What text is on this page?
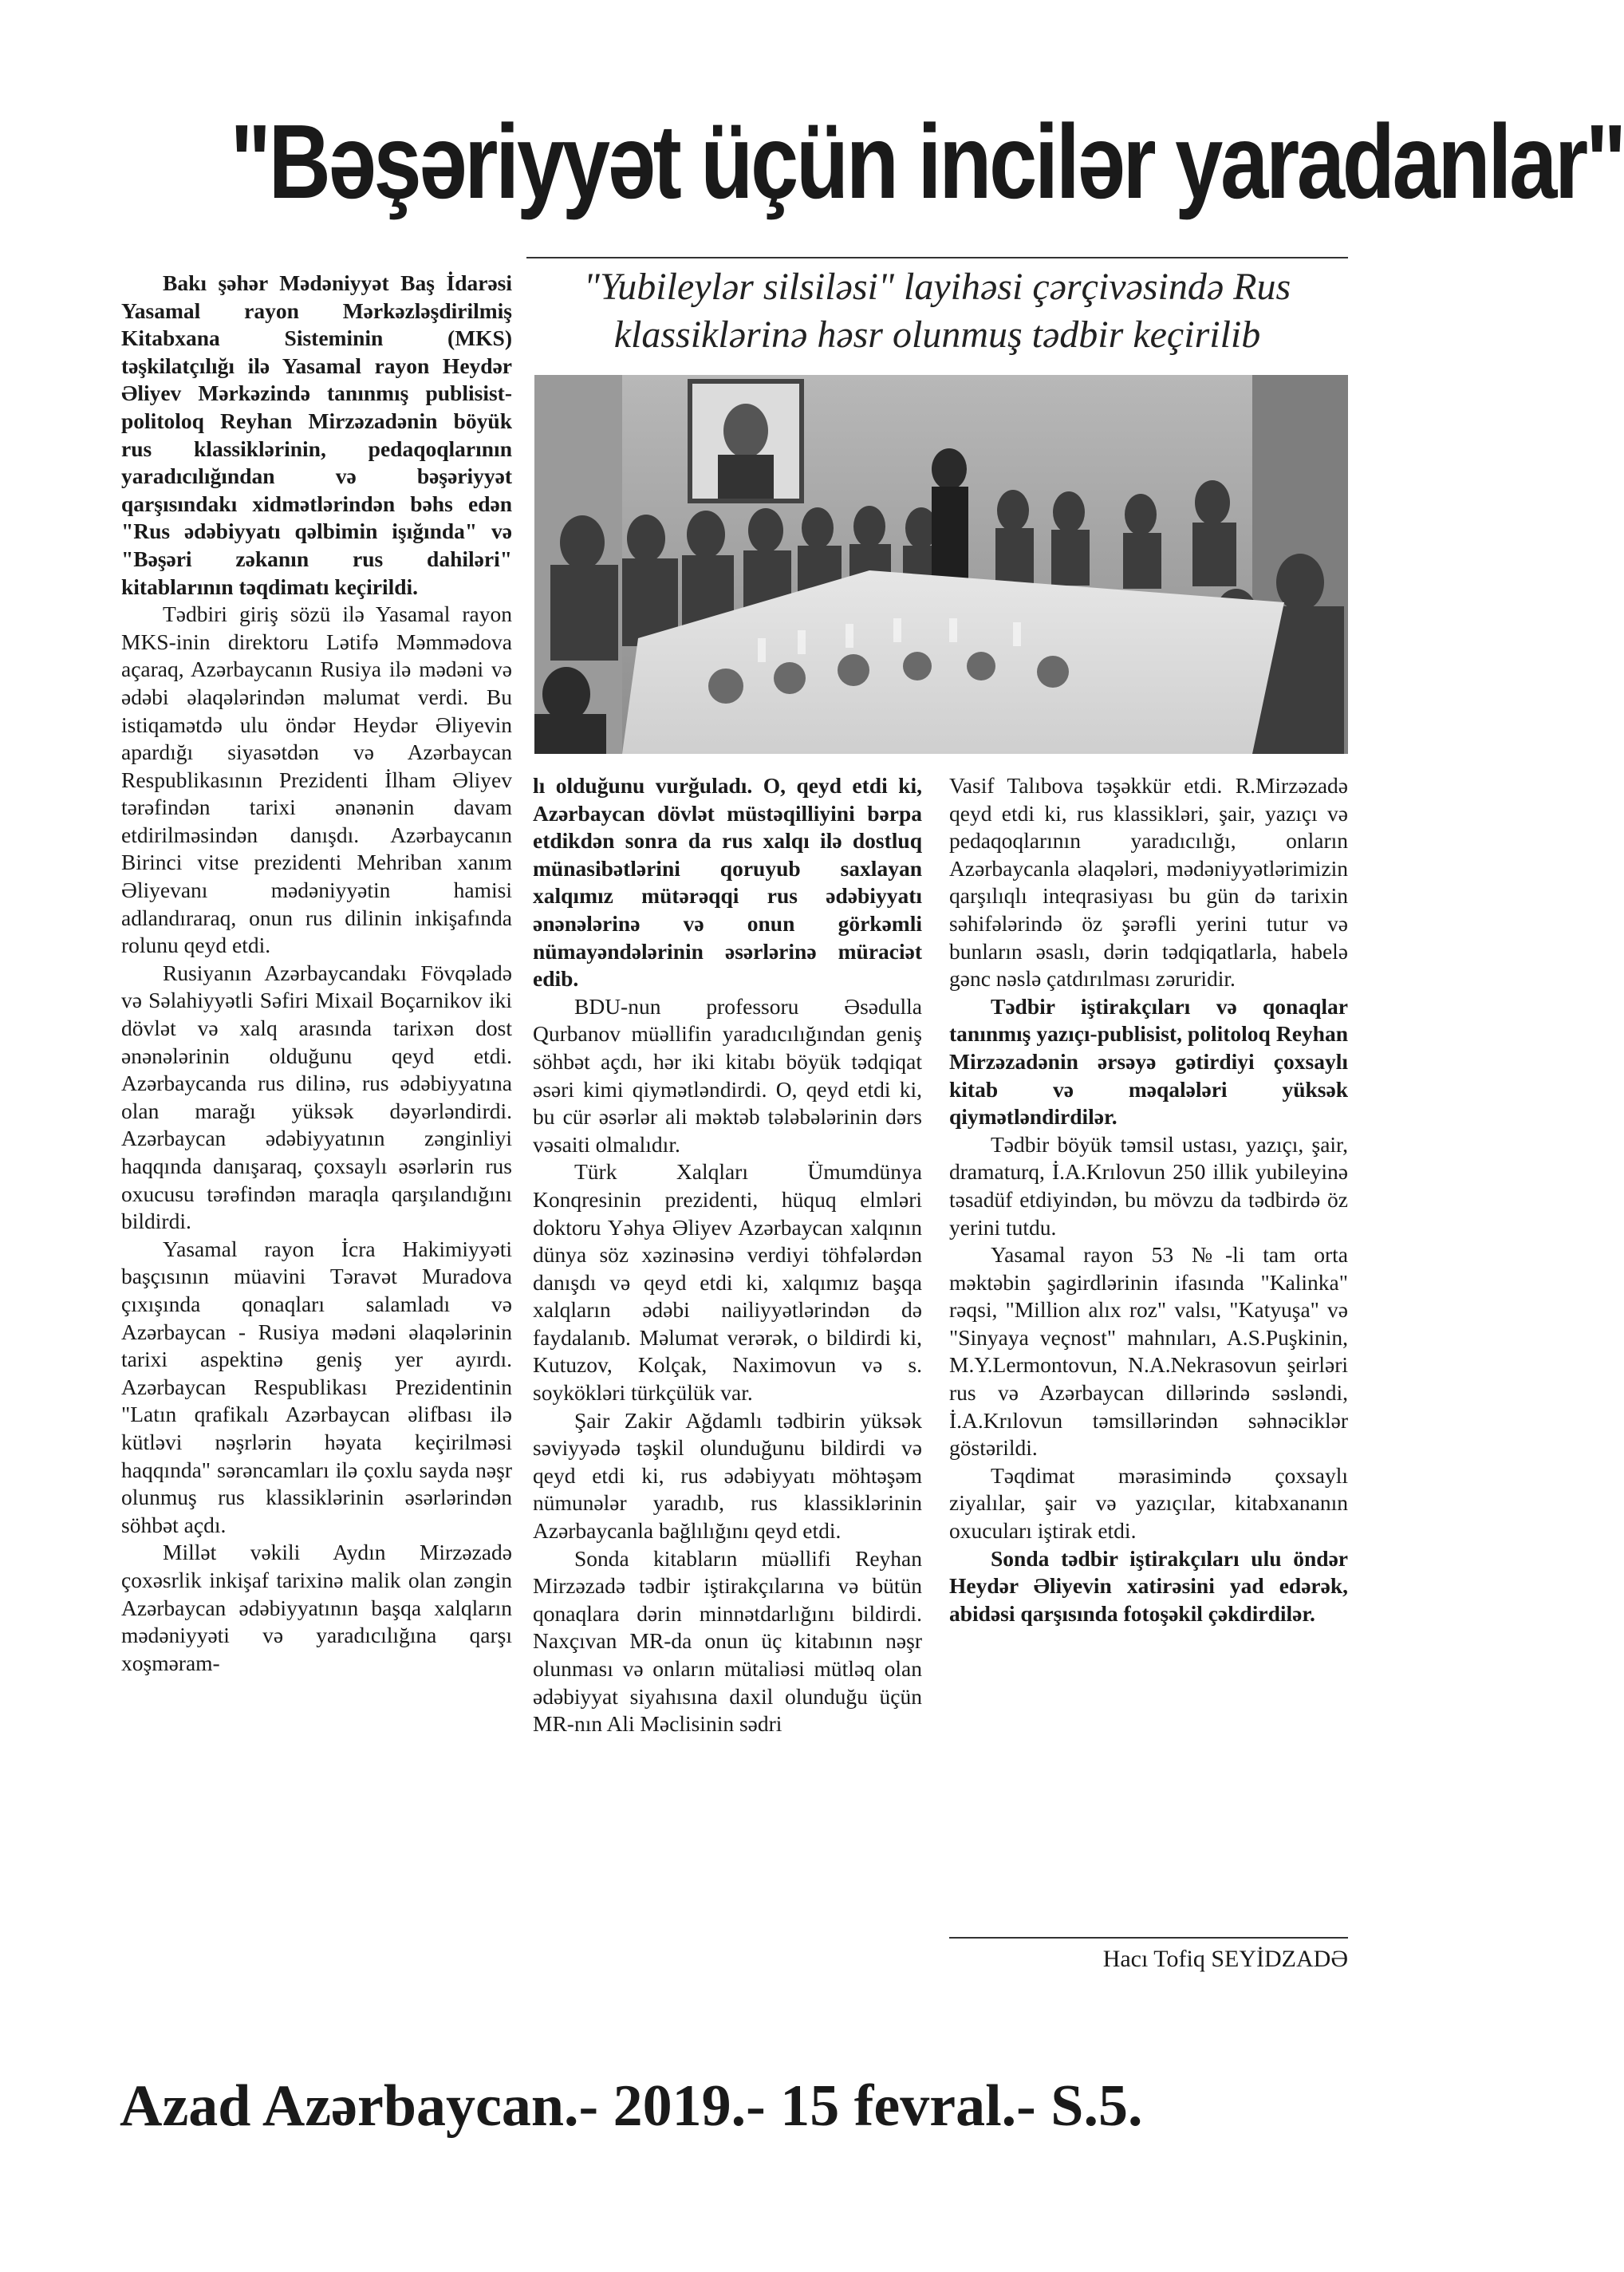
"Bəşəriyyət üçün incilər yaradanlar"
"Yubileylər silsiləsi" layihəsi çərçivəsində Rus klassiklərinə həsr olunmuş tədbir keçirilib

Bakı şəhər Mədəniyyət Baş İdarəsi Yasamal rayon Mərkəzləşdirilmiş Kitabxana Sisteminin (MKS) təşkilatçılığı ilə Yasamal rayon Heydər Əliyev Mərkəzində tanınmış publisist-politoloq Reyhan Mirzəzadənin böyük rus klassiklərinin, pedaqoqlarının yaradıcılığından və bəşəriyyət qarşısındakı xidmətlərindən bəhs edən "Rus ədəbiyyatı qəlbimin işığında" və "Bəşəri zəkanın rus dahiləri" kitablarının təqdimatı keçirildi.

Tədbiri giriş sözü ilə Yasamal rayon MKS-inin direktoru Lətifə Məmmədova açaraq, Azərbaycanın Rusiya ilə mədəni və ədəbi əlaqələrindən məlumat verdi. Bu istiqamətdə ulu öndər Heydər Əliyevin apardığı siyasətdən və Azərbaycan Respublikasının Prezidenti İlham Əliyev tərəfindən tarixi ənənənin davam etdirilməsindən danışdı. Azərbaycanın Birinci vitse prezidenti Mehriban xanım Əliyevanı mədəniyyətin hamisi adlandıraraq, onun rus dilinin inkişafında rolunu qeyd etdi.

Rusiyanın Azərbaycandakı Fövqəladə və Səlahiyyətli Səfiri Mixail Boçarnikov iki dövlət və xalq arasında tarixən dost ənənələrinin olduğunu qeyd etdi. Azərbaycanda rus dilinə, rus ədəbiyyatına olan marağı yüksək dəyərləndirdi. Azərbaycan ədəbiyyatının zənginliyi haqqında danışaraq, çoxsaylı əsərlərin rus oxucusu tərəfindən maraqla qarşılandığını bildirdi.

Yasamal rayon İcra Hakimiyyəti başçısının müavini Təravət Muradova çıxışında qonaqları salamladı və Azərbaycan - Rusiya mədəni əlaqələrinin tarixi aspektinə geniş yer ayırdı. Azərbaycan Respublikası Prezidentinin "Latın qrafikalı Azərbaycan əlifbası ilə kütləvi nəşrlərin həyata keçirilməsi haqqında" sərəncamları ilə çoxlu sayda nəşr olunmuş rus klassiklərinin əsərlərindən söhbət açdı.

Millət vəkili Aydın Mirzəzadə çoxəsrlik inkişaf tarixinə malik olan zəngin Azərbaycan ədəbiyyatının başqa xalqların mədəniyyəti və yaradıcılığına qarşı xoşməram-

lı olduğunu vurğuladı. O, qeyd etdi ki, Azərbaycan dövlət müstəqilliyini bərpa etdikdən sonra da rus xalqı ilə dostluq münasibətlərini qoruyub saxlayan xalqımız mütərəqqi rus ədəbiyyatı ənənələrinə və onun görkəmli nümayəndələrinin əsərlərinə müraciət edib.

BDU-nun professoru Əsədulla Qurbanov müəllifin yaradıcılığından geniş söhbət açdı, hər iki kitabı böyük tədqiqat əsəri kimi qiymətləndirdi. O, qeyd etdi ki, bu cür əsərlər ali məktəb tələbələrinin dərs vəsaiti olmalıdır.

Türk Xalqları Ümumdünya Konqresinin prezidenti, hüquq elmləri doktoru Yəhya Əliyev Azərbaycan xalqının dünya söz xəzinəsinə verdiyi töhfələrdən danışdı və qeyd etdi ki, xalqımız başqa xalqların ədəbi nailiyyətlərindən də faydalanıb. Məlumat verərək, o bildirdi ki, Kutuzov, Kolçak, Naximovun və s. soykökləri türkçülük var.

Şair Zakir Ağdamlı tədbirin yüksək səviyyədə təşkil olunduğunu bildirdi və qeyd etdi ki, rus ədəbiyyatı möhtəşəm nümunələr yaradıb, rus klassiklərinin Azərbaycanla bağlılığını qeyd etdi.

Sonda kitabların müəllifi Reyhan Mirzəzadə tədbir iştirakçılarına və bütün qonaqlara dərin minnətdarlığını bildirdi. Naxçıvan MR-da onun üç kitabının nəşr olunması və onların mütaliəsi mütləq olan ədəbiyyat siyahısına daxil olunduğu üçün MR-nın Ali Məclisinin sədri

Vasif Talıbova təşəkkür etdi. R.Mirzəzadə qeyd etdi ki, rus klassikləri, şair, yazıçı və pedaqoqlarının yaradıcılığı, onların Azərbaycanla əlaqələri, mədəniyyətlərimizin qarşılıqlı inteqrasiyası bu gün də tarixin səhifələrində öz şərəfli yerini tutur və bunların əsaslı, dərin tədqiqatlarla, habelə gənc nəslə çatdırılması zəruridir.

Tədbir iştirakçıları və qonaqlar tanınmış yazıçı-publisist, politoloq Reyhan Mirzəzadənin ərsəyə gətirdiyi çoxsaylı kitab və məqalələri yüksək qiymətləndirdilər.

Tədbir böyük təmsil ustası, yazıçı, şair, dramaturq, İ.A.Krılovun 250 illik yubileyinə təsadüf etdiyindən, bu mövzu da tədbirdə öz yerini tutdu.

Yasamal rayon 53 №-li tam orta məktəbin şagirdlərinin ifasında "Kalinka" rəqsi, "Million alıx roz" valsı, "Katyuşa" və "Sinyaya veçnost" mahnıları, A.S.Puşkinin, M.Y.Lermontovun, N.A.Nekrasovun şeirləri rus və Azərbaycan dillərində səsləndi, İ.A.Krılovun təmsillərindən səhnəciklər göstərildi.

Təqdimat mərasimində çoxsaylı ziyalılar, şair və yazıçılar, kitabxananın oxucuları iştirak etdi.

Sonda tədbir iştirakçıları ulu öndər Heydər Əliyevin xatirəsini yad edərək, abidəsi qarşısında fotoşəkil çəkdirdilər.

Hacı Tofiq SEYİDZADƏ
Azad Azərbaycan.- 2019.- 15 fevral.- S.5.
